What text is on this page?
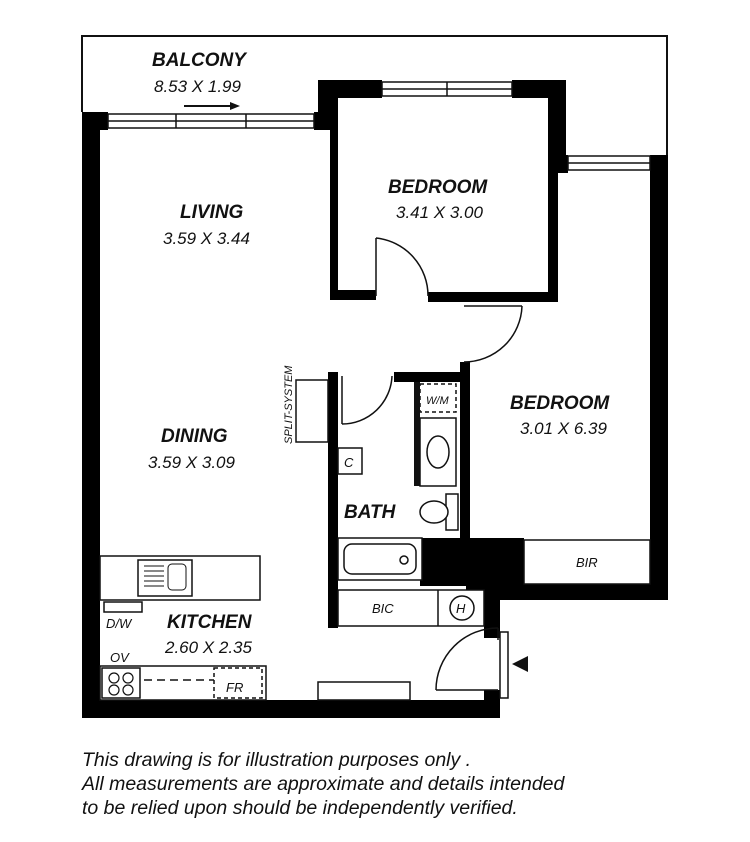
SPLIT-SYSTEM
C
W/M
BIR
BIC	H
D/W
OV
FR
BALCONY
8.53 X 1.99
BEDROOM
3.41 X 3.00
LIVING
3.59 X 3.44
DINING
3.59 X 3.09
BEDROOM
3.01 X 6.39
BATH
KITCHEN
2.60 X 2.35
This drawing is for illustration purposes only .
All measurements are approximate and details intended
to be relied upon should be independently verified.
